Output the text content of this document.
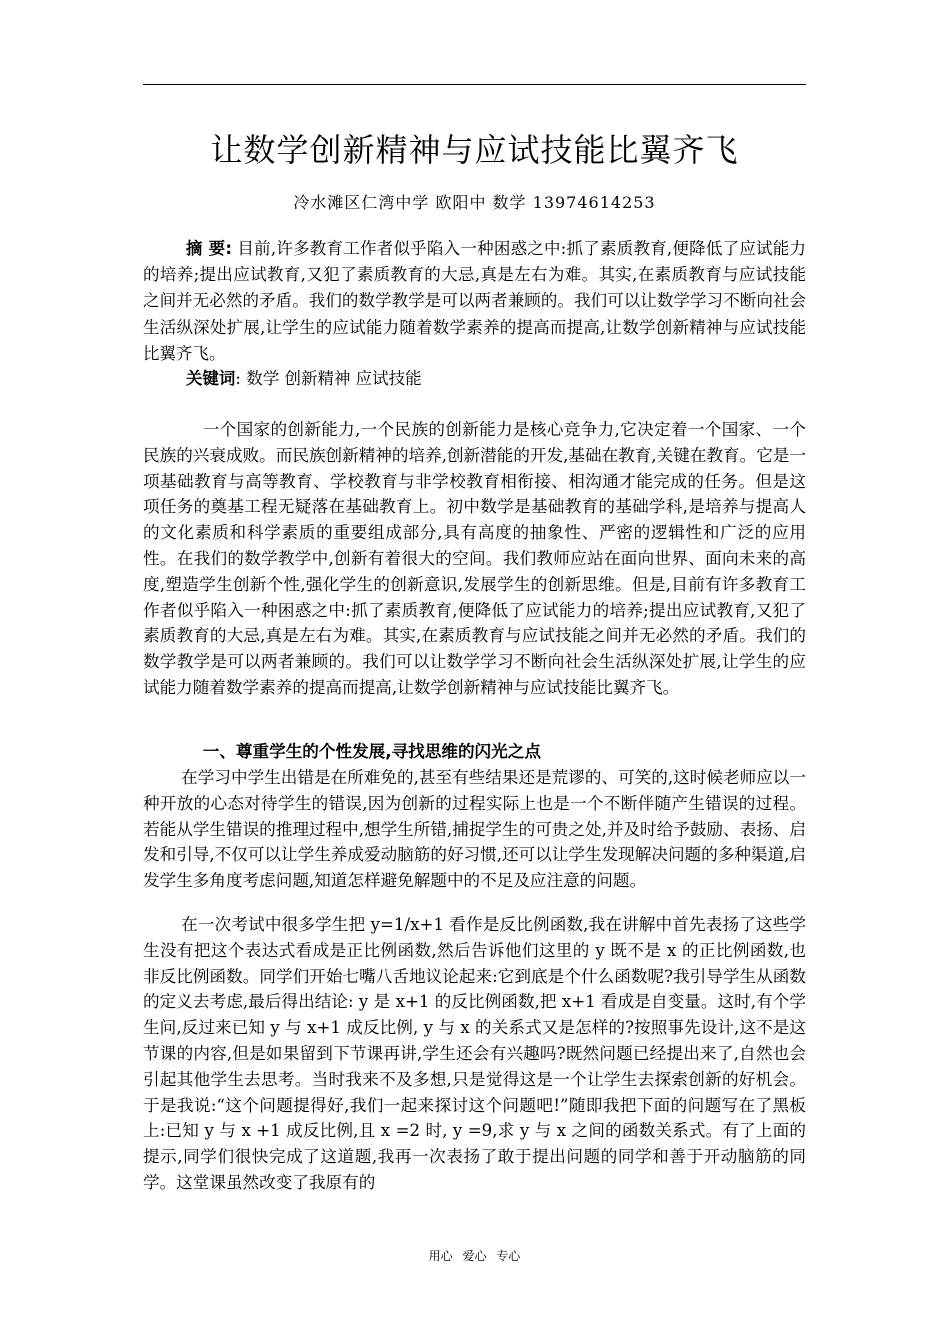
让数学创新精神与应试技能比翼齐飞
冷水滩区仁湾中学 欧阳中 数学 13974614253
摘 要: 目前,许多教育工作者似乎陷入一种困惑之中:抓了素质教育,便降低了应试能力的培养;提出应试教育,又犯了素质教育的大忌,真是左右为难。其实,在素质教育与应试技能之间并无必然的矛盾。我们的数学教学是可以两者兼顾的。我们可以让数学学习不断向社会生活纵深处扩展,让学生的应试能力随着数学素养的提高而提高,让数学创新精神与应试技能比翼齐飞。
关键词: 数学 创新精神 应试技能

一个国家的创新能力,一个民族的创新能力是核心竞争力,它决定着一个国家、一个民族的兴衰成败。而民族创新精神的培养,创新潜能的开发,基础在教育,关键在教育。它是一项基础教育与高等教育、学校教育与非学校教育相衔接、相沟通才能完成的任务。但是这项任务的奠基工程无疑落在基础教育上。初中数学是基础教育的基础学科,是培养与提高人的文化素质和科学素质的重要组成部分,具有高度的抽象性、严密的逻辑性和广泛的应用性。在我们的数学教学中,创新有着很大的空间。我们教师应站在面向世界、面向未来的高度,塑造学生创新个性,强化学生的创新意识,发展学生的创新思维。但是,目前有许多教育工作者似乎陷入一种困惑之中:抓了素质教育,便降低了应试能力的培养;提出应试教育,又犯了素质教育的大忌,真是左右为难。其实,在素质教育与应试技能之间并无必然的矛盾。我们的数学教学是可以两者兼顾的。我们可以让数学学习不断向社会生活纵深处扩展,让学生的应试能力随着数学素养的提高而提高,让数学创新精神与应试技能比翼齐飞。

一、尊重学生的个性发展,寻找思维的闪光之点

在学习中学生出错是在所难免的,甚至有些结果还是荒谬的、可笑的,这时候老师应以一种开放的心态对待学生的错误,因为创新的过程实际上也是一个不断伴随产生错误的过程。若能从学生错误的推理过程中,想学生所错,捕捉学生的可贵之处,并及时给予鼓励、表扬、启发和引导,不仅可以让学生养成爱动脑筋的好习惯,还可以让学生发现解决问题的多种渠道,启发学生多角度考虑问题,知道怎样避免解题中的不足及应注意的问题。

在一次考试中很多学生把 y=1/x+1 看作是反比例函数,我在讲解中首先表扬了这些学生没有把这个表达式看成是正比例函数,然后告诉他们这里的 y 既不是 x 的正比例函数,也非反比例函数。同学们开始七嘴八舌地议论起来:它到底是个什么函数呢?我引导学生从函数的定义去考虑,最后得出结论: y 是 x+1 的反比例函数,把 x+1 看成是自变量。这时,有个学生问,反过来已知 y 与 x+1 成反比例, y 与 x 的关系式又是怎样的?按照事先设计,这不是这节课的内容,但是如果留到下节课再讲,学生还会有兴趣吗?既然问题已经提出来了,自然也会引起其他学生去思考。当时我来不及多想,只是觉得这是一个让学生去探索创新的好机会。于是我说:“这个问题提得好,我们一起来探讨这个问题吧!”随即我把下面的问题写在了黑板上:已知 y 与 x +1 成反比例,且 x =2 时, y =9,求 y 与 x 之间的函数关系式。有了上面的提示,同学们很快完成了这道题,我再一次表扬了敢于提出问题的同学和善于开动脑筋的同学。这堂课虽然改变了我原有的

用心 爱心 专心
